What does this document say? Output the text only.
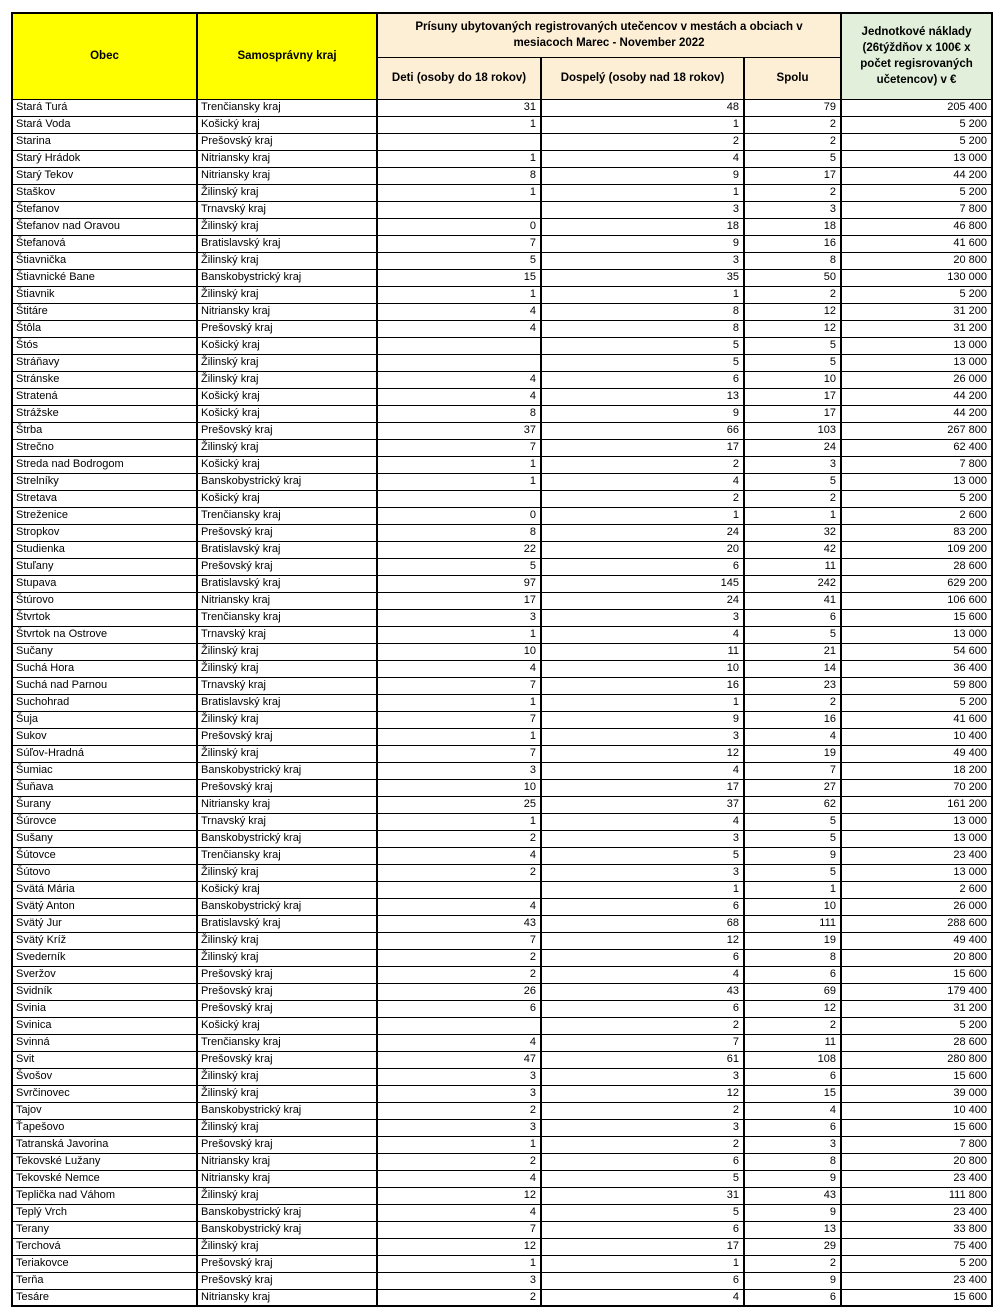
Obec	Samosprávny kraj	Prísuny ubytovaných registrovaných utečencov v mestách a obciach v mesiacoch Marec - November 2022			Jednotkové náklady (26týždňov x 100€ x počet regisrovaných učetencov) v €
		Deti (osoby do 18 rokov)	Dospelý (osoby nad 18 rokov)	Spolu	
Stará Turá	Trenčiansky kraj	31	48	79	205 400
Stará Voda	Košický kraj	1	1	2	5 200
Starina	Prešovský kraj		2	2	5 200
Starý Hrádok	Nitriansky kraj	1	4	5	13 000
Starý Tekov	Nitriansky kraj	8	9	17	44 200
Staškov	Žilinský kraj	1	1	2	5 200
Štefanov	Trnavský kraj		3	3	7 800
Štefanov nad Oravou	Žilinský kraj	0	18	18	46 800
Štefanová	Bratislavský kraj	7	9	16	41 600
Štiavnička	Žilinský kraj	5	3	8	20 800
Štiavnické Bane	Banskobystrický kraj	15	35	50	130 000
Štiavnik	Žilinský kraj	1	1	2	5 200
Štitáre	Nitriansky kraj	4	8	12	31 200
Štôla	Prešovský kraj	4	8	12	31 200
Štós	Košický kraj		5	5	13 000
Stráňavy	Žilinský kraj		5	5	13 000
Stránske	Žilinský kraj	4	6	10	26 000
Stratená	Košický kraj	4	13	17	44 200
Strážske	Košický kraj	8	9	17	44 200
Štrba	Prešovský kraj	37	66	103	267 800
Strečno	Žilinský kraj	7	17	24	62 400
Streda nad Bodrogom	Košický kraj	1	2	3	7 800
Strelníky	Banskobystrický kraj	1	4	5	13 000
Stretava	Košický kraj		2	2	5 200
Streženice	Trenčiansky kraj	0	1	1	2 600
Stropkov	Prešovský kraj	8	24	32	83 200
Studienka	Bratislavský kraj	22	20	42	109 200
Stuľany	Prešovský kraj	5	6	11	28 600
Stupava	Bratislavský kraj	97	145	242	629 200
Štúrovo	Nitriansky kraj	17	24	41	106 600
Štvrtok	Trenčiansky kraj	3	3	6	15 600
Štvrtok na Ostrove	Trnavský kraj	1	4	5	13 000
Sučany	Žilinský kraj	10	11	21	54 600
Suchá Hora	Žilinský kraj	4	10	14	36 400
Suchá nad Parnou	Trnavský kraj	7	16	23	59 800
Suchohrad	Bratislavský kraj	1	1	2	5 200
Šuja	Žilinský kraj	7	9	16	41 600
Sukov	Prešovský kraj	1	3	4	10 400
Súľov-Hradná	Žilinský kraj	7	12	19	49 400
Šumiac	Banskobystrický kraj	3	4	7	18 200
Šuňava	Prešovský kraj	10	17	27	70 200
Šurany	Nitriansky kraj	25	37	62	161 200
Šúrovce	Trnavský kraj	1	4	5	13 000
Sušany	Banskobystrický kraj	2	3	5	13 000
Šútovce	Trenčiansky kraj	4	5	9	23 400
Šútovo	Žilinský kraj	2	3	5	13 000
Svätá Mária	Košický kraj		1	1	2 600
Svätý Anton	Banskobystrický kraj	4	6	10	26 000
Svätý Jur	Bratislavský kraj	43	68	111	288 600
Svätý Kríž	Žilinský kraj	7	12	19	49 400
Svederník	Žilinský kraj	2	6	8	20 800
Sveržov	Prešovský kraj	2	4	6	15 600
Svidník	Prešovský kraj	26	43	69	179 400
Svinia	Prešovský kraj	6	6	12	31 200
Svinica	Košický kraj		2	2	5 200
Svinná	Trenčiansky kraj	4	7	11	28 600
Svit	Prešovský kraj	47	61	108	280 800
Švošov	Žilinský kraj	3	3	6	15 600
Svrčinovec	Žilinský kraj	3	12	15	39 000
Tajov	Banskobystrický kraj	2	2	4	10 400
Ťapešovo	Žilinský kraj	3	3	6	15 600
Tatranská Javorina	Prešovský kraj	1	2	3	7 800
Tekovské Lužany	Nitriansky kraj	2	6	8	20 800
Tekovské Nemce	Nitriansky kraj	4	5	9	23 400
Teplička nad Váhom	Žilinský kraj	12	31	43	111 800
Teplý Vrch	Banskobystrický kraj	4	5	9	23 400
Terany	Banskobystrický kraj	7	6	13	33 800
Terchová	Žilinský kraj	12	17	29	75 400
Teriakovce	Prešovský kraj	1	1	2	5 200
Terňa	Prešovský kraj	3	6	9	23 400
Tesáre	Nitriansky kraj	2	4	6	15 600
